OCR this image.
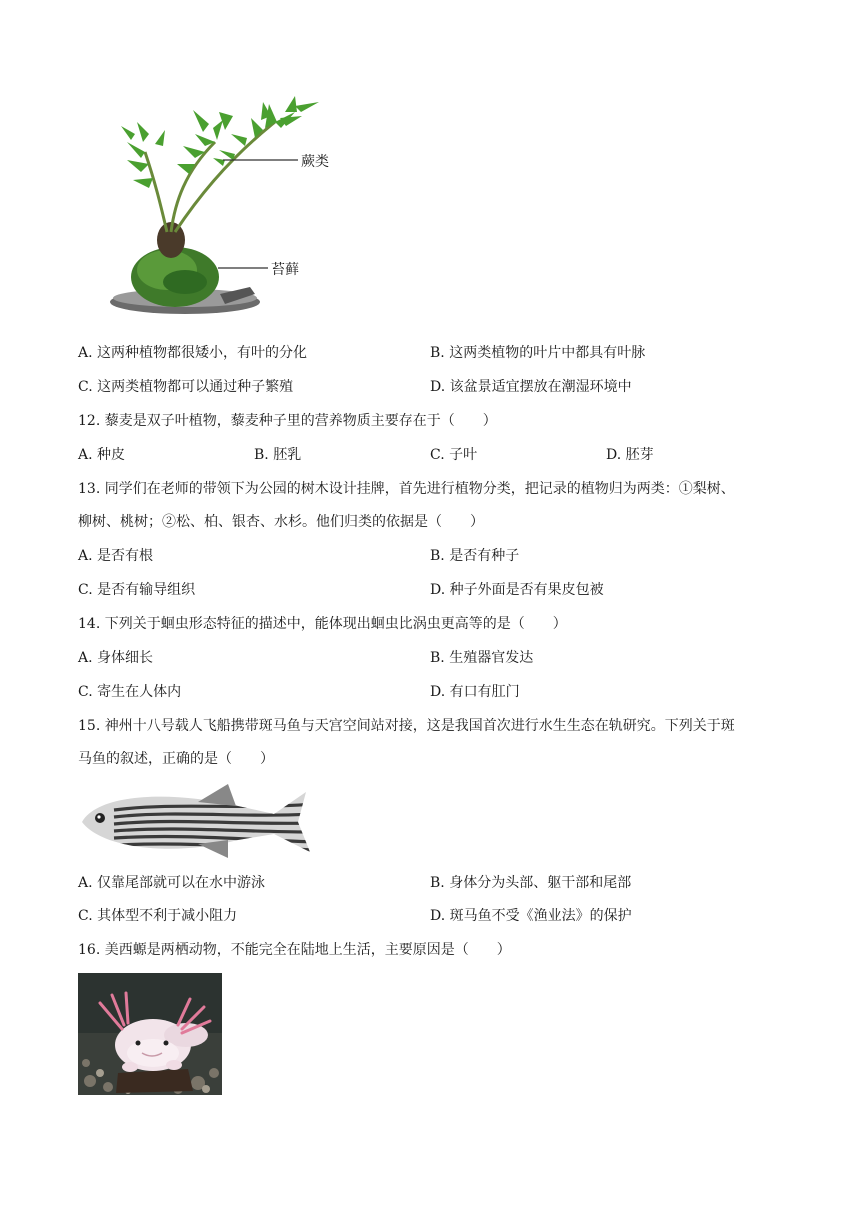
蕨类
苔藓
A. 这两种植物都很矮小，有叶的分化	B. 这两类植物的叶片中都具有叶脉
C. 这两类植物都可以通过种子繁殖	D. 该盆景适宜摆放在潮湿环境中
12. 藜麦是双子叶植物，藜麦种子里的营养物质主要存在于（　　）
A. 种皮	B. 胚乳	C. 子叶	D. 胚芽
13. 同学们在老师的带领下为公园的树木设计挂牌，首先进行植物分类，把记录的植物归为两类：①梨树、
柳树、桃树；②松、柏、银杏、水杉。他们归类的依据是（　　）
A. 是否有根	B. 是否有种子
C. 是否有输导组织	D. 种子外面是否有果皮包被
14. 下列关于蛔虫形态特征的描述中，能体现出蛔虫比涡虫更高等的是（　　）
A. 身体细长	B. 生殖器官发达
C. 寄生在人体内	D. 有口有肛门
15. 神州十八号载人飞船携带斑马鱼与天宫空间站对接，这是我国首次进行水生生态在轨研究。下列关于斑
马鱼的叙述，正确的是（　　）
A. 仅靠尾部就可以在水中游泳	B. 身体分为头部、躯干部和尾部
C. 其体型不利于减小阻力	D. 斑马鱼不受《渔业法》的保护
16. 美西螈是两栖动物，不能完全在陆地上生活，主要原因是（　　）
